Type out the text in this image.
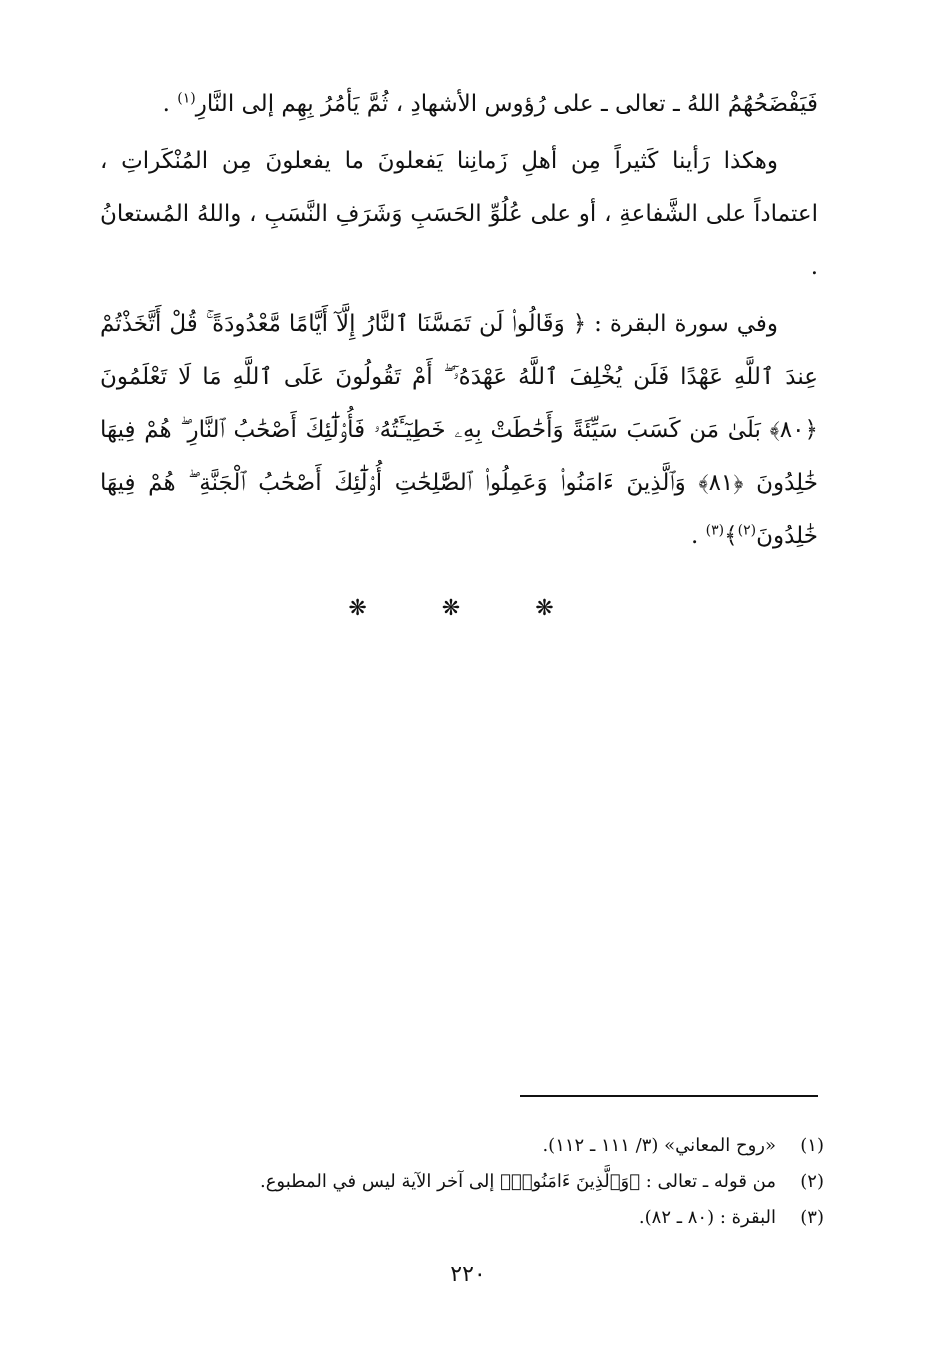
فَيَفْضَحُهُمُ اللهُ ـ تعالى ـ على رُؤوس الأشهادِ ، ثُمَّ يَأمُرُ بِهِم إلى النَّارِ$^{(١)}$ .

وهكذا رَأينا كَثيراً مِن أهلِ زَمانِنا يَفعلونَ ما يفعلونَ مِن المُنْكَراتِ ، اعتماداً على الشَّفاعةِ ، أو على عُلُوِّ الحَسَبِ وَشَرَفِ النَّسَبِ ، واللهُ المُستعانُ .

وفي سورة البقرة : ﴿ وَقَالُوا۟ لَن تَمَسَّنَا ٱلنَّارُ إِلَّآ أَيَّامًا مَّعْدُودَةً ۚ قُلْ أَتَّخَذْتُمْ عِندَ ٱللَّهِ عَهْدًا فَلَن يُخْلِفَ ٱللَّهُ عَهْدَهُۥٓ ۖ أَمْ تَقُولُونَ عَلَى ٱللَّهِ مَا لَا تَعْلَمُونَ ﴿٨٠﴾ بَلَىٰ مَن كَسَبَ سَيِّئَةً وَأَحَٰطَتْ بِهِۦ خَطِيٓـَٔتُهُۥ فَأُو۟لَٰٓئِكَ أَصْحَٰبُ ٱلنَّارِ ۖ هُمْ فِيهَا خَٰلِدُونَ ﴿٨١﴾ وَٱلَّذِينَ ءَامَنُوا۟ وَعَمِلُوا۟ ٱلصَّٰلِحَٰتِ أُو۟لَٰٓئِكَ أَصْحَٰبُ ٱلْجَنَّةِ ۖ هُمْ فِيهَا خَٰلِدُونَ$^{(٢)}$﴾$^{(٣)}$ .

❋ ❋ ❋
(١)
«روح المعاني» (٣/ ١١١ ـ ١١٢).
(٢)
من قوله ـ تعالى : ﴿وَٱلَّذِينَ ءَامَنُوا۟﴾ إلى آخر الآية ليس في المطبوع.
(٣)
البقرة : (٨٠ ـ ٨٢).
٢٢٠
